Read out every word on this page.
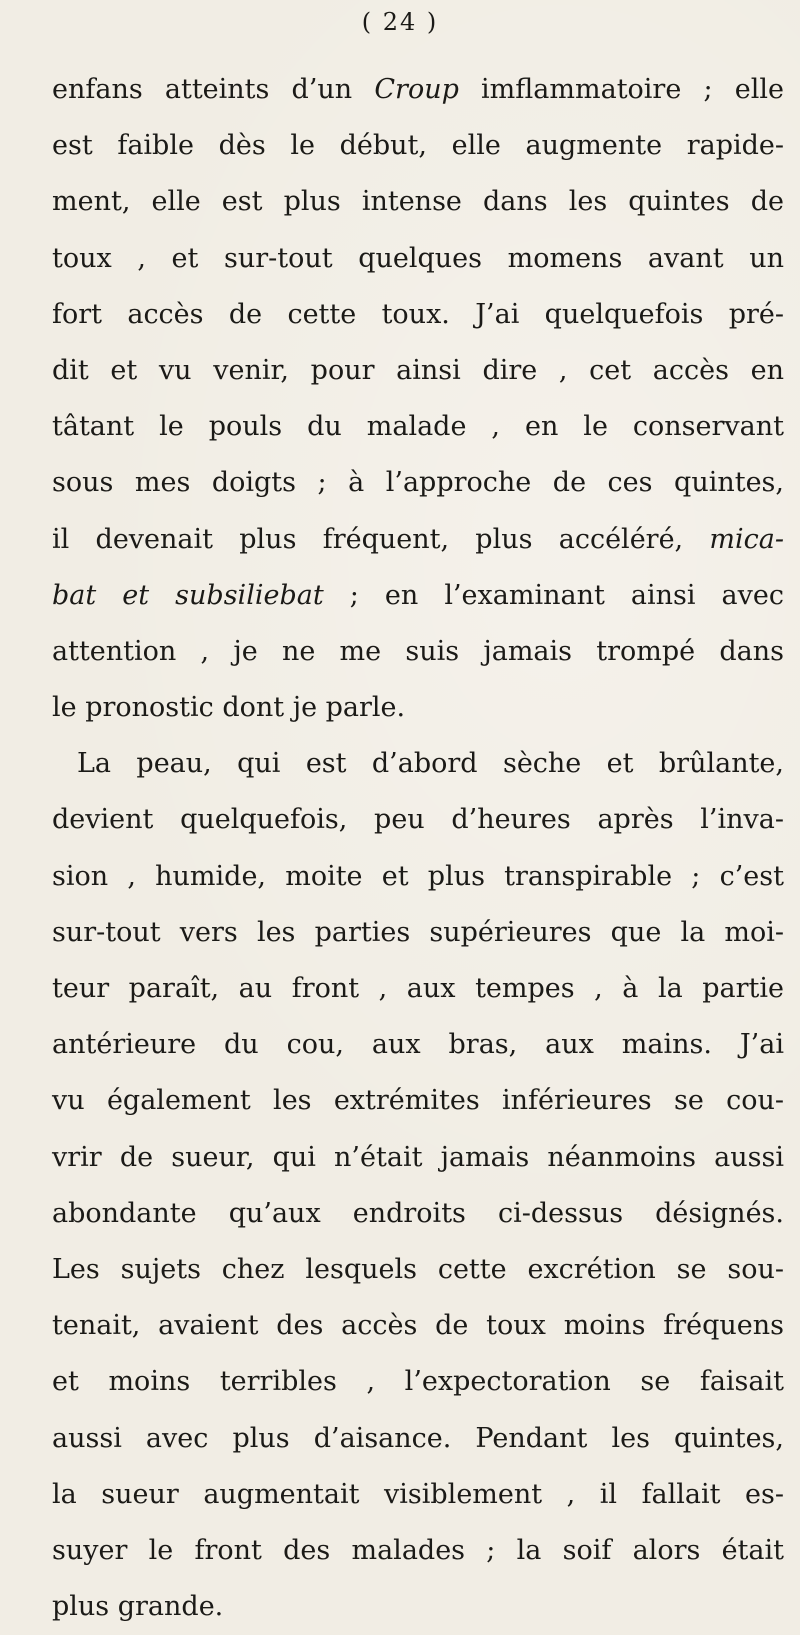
( 24 )
enfans atteints d’un Croup imflammatoire ; elle
est faible dès le début, elle augmente rapide-
ment, elle est plus intense dans les quintes de
toux , et sur-tout quelques momens avant un
fort accès de cette toux. J’ai quelquefois pré-
dit et vu venir, pour ainsi dire , cet accès en
tâtant le pouls du malade , en le conservant
sous mes doigts ; à l’approche de ces quintes,
il devenait plus fréquent, plus accéléré, mica-
bat et subsiliebat ; en l’examinant ainsi avec
attention , je ne me suis jamais trompé dans
le pronostic dont je parle.
La peau, qui est d’abord sèche et brûlante,
devient quelquefois, peu d’heures après l’inva-
sion , humide, moite et plus transpirable ; c’est
sur-tout vers les parties supérieures que la moi-
teur paraît, au front , aux tempes , à la partie
antérieure du cou, aux bras, aux mains. J’ai
vu également les extrémites inférieures se cou-
vrir de sueur, qui n’était jamais néanmoins aussi
abondante qu’aux endroits ci-dessus désignés.
Les sujets chez lesquels cette excrétion se sou-
tenait, avaient des accès de toux moins fréquens
et moins terribles , l’expectoration se faisait
aussi avec plus d’aisance. Pendant les quintes,
la sueur augmentait visiblement , il fallait es-
suyer le front des malades ; la soif alors était
plus grande.
